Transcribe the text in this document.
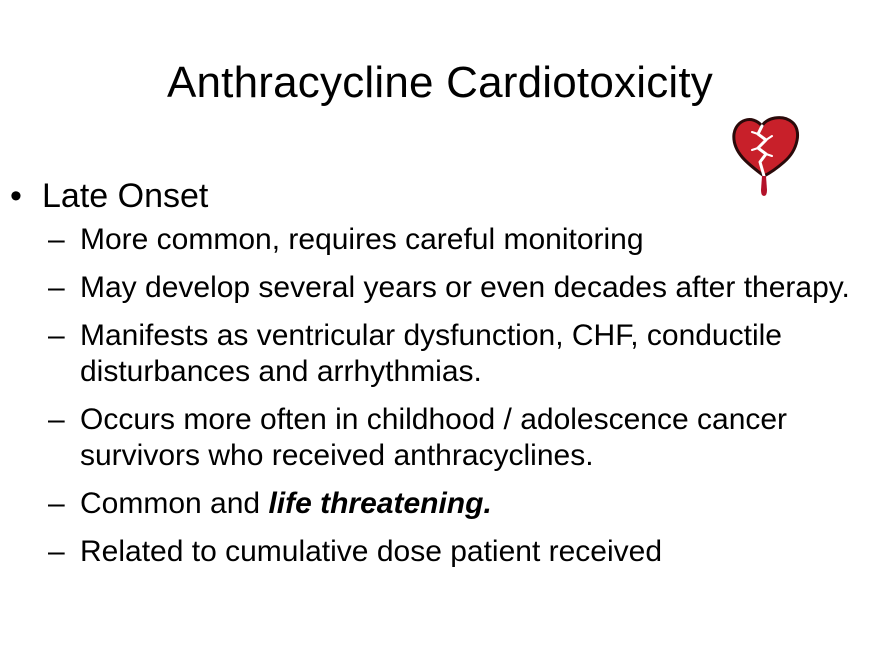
Anthracycline Cardiotoxicity
• Late Onset
– More common, requires careful monitoring
– May develop several years or even decades after therapy.
– Manifests as ventricular dysfunction, CHF, conductile disturbances and arrhythmias.
– Occurs more often in childhood / adolescence cancer survivors who received anthracyclines.
– Common and life threatening.
– Related to cumulative dose patient received
